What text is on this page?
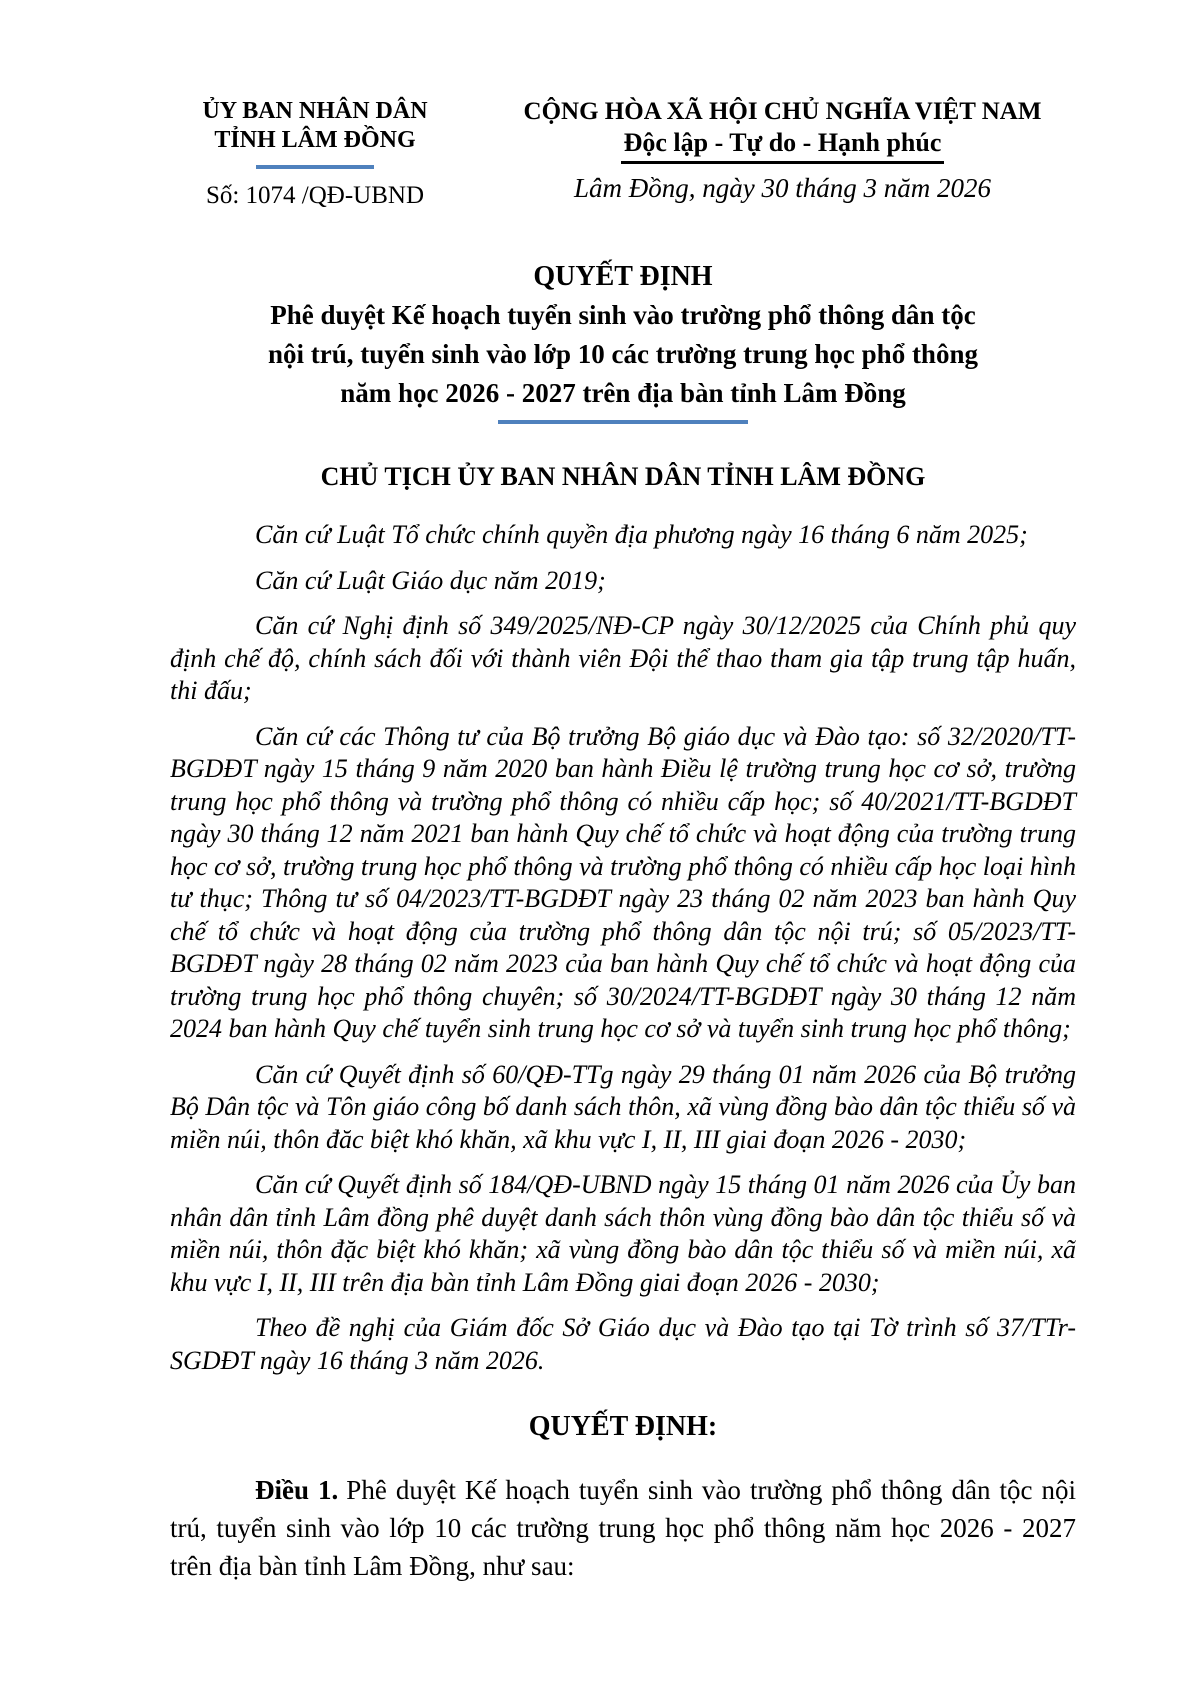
ỦY BAN NHÂN DÂN
TỈNH LÂM ĐỒNG
Số: 1074 /QĐ-UBND
CỘNG HÒA XÃ HỘI CHỦ NGHĨA VIỆT NAM
Độc lập - Tự do - Hạnh phúc
Lâm Đồng, ngày 30 tháng 3 năm 2026
QUYẾT ĐỊNH
Phê duyệt Kế hoạch tuyển sinh vào trường phổ thông dân tộc
nội trú, tuyển sinh vào lớp 10 các trường trung học phổ thông
năm học 2026 - 2027 trên địa bàn tỉnh Lâm Đồng
CHỦ TỊCH ỦY BAN NHÂN DÂN TỈNH LÂM ĐỒNG

Căn cứ Luật Tổ chức chính quyền địa phương ngày 16 tháng 6 năm 2025;

Căn cứ Luật Giáo dục năm 2019;

Căn cứ Nghị định số 349/2025/NĐ-CP ngày 30/12/2025 của Chính phủ quy định chế độ, chính sách đối với thành viên Đội thể thao tham gia tập trung tập huấn, thi đấu;

Căn cứ các Thông tư của Bộ trưởng Bộ giáo dục và Đào tạo: số 32/2020/TT-BGDĐT ngày 15 tháng 9 năm 2020 ban hành Điều lệ trường trung học cơ sở, trường trung học phổ thông và trường phổ thông có nhiều cấp học; số 40/2021/TT-BGDĐT ngày 30 tháng 12 năm 2021 ban hành Quy chế tổ chức và hoạt động của trường trung học cơ sở, trường trung học phổ thông và trường phổ thông có nhiều cấp học loại hình tư thục; Thông tư số 04/2023/TT-BGDĐT ngày 23 tháng 02 năm 2023 ban hành Quy chế tổ chức và hoạt động của trường phổ thông dân tộc nội trú; số 05/2023/TT-BGDĐT ngày 28 tháng 02 năm 2023 của ban hành Quy chế tổ chức và hoạt động của trường trung học phổ thông chuyên; số 30/2024/TT-BGDĐT ngày 30 tháng 12 năm 2024 ban hành Quy chế tuyển sinh trung học cơ sở và tuyển sinh trung học phổ thông;

Căn cứ Quyết định số 60/QĐ-TTg ngày 29 tháng 01 năm 2026 của Bộ trưởng Bộ Dân tộc và Tôn giáo công bố danh sách thôn, xã vùng đồng bào dân tộc thiểu số và miền núi, thôn đăc biệt khó khăn, xã khu vực I, II, III giai đoạn 2026 - 2030;

Căn cứ Quyết định số 184/QĐ-UBND ngày 15 tháng 01 năm 2026 của Ủy ban nhân dân tỉnh Lâm đồng phê duyệt danh sách thôn vùng đồng bào dân tộc thiểu số và miền núi, thôn đặc biệt khó khăn; xã vùng đồng bào dân tộc thiểu số và miền núi, xã khu vực I, II, III trên địa bàn tỉnh Lâm Đồng giai đoạn 2026 - 2030;

Theo đề nghị của Giám đốc Sở Giáo dục và Đào tạo tại Tờ trình số 37/TTr-SGDĐT ngày 16 tháng 3 năm 2026.

QUYẾT ĐỊNH:

Điều 1. Phê duyệt Kế hoạch tuyển sinh vào trường phổ thông dân tộc nội trú, tuyển sinh vào lớp 10 các trường trung học phổ thông năm học 2026 - 2027 trên địa bàn tỉnh Lâm Đồng, như sau:
